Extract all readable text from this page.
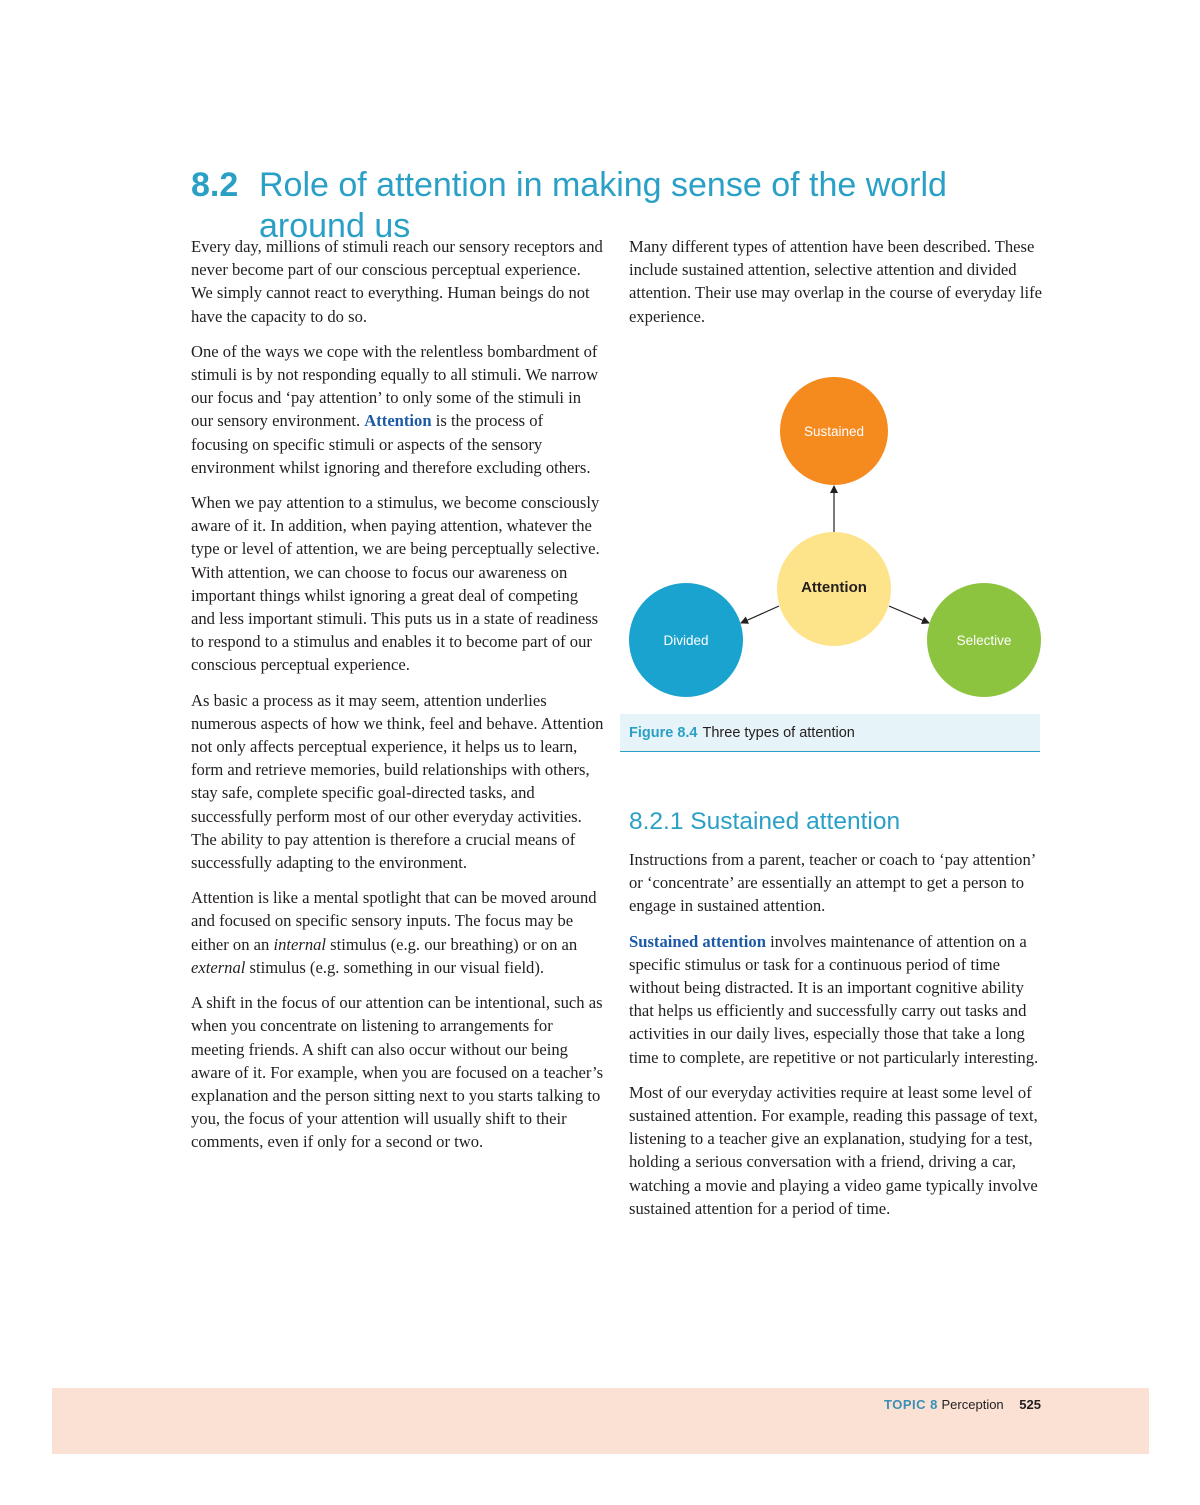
8.2 Role of attention in making sense of the world around us

Every day, millions of stimuli reach our sensory receptors and never become part of our conscious perceptual experience. We simply cannot react to everything. Human beings do not have the capacity to do so.

One of the ways we cope with the relentless bombardment of stimuli is by not responding equally to all stimuli. We narrow our focus and ‘pay attention’ to only some of the stimuli in our sensory environment. Attention is the process of focusing on specific stimuli or aspects of the sensory environment whilst ignoring and therefore excluding others.

When we pay attention to a stimulus, we become consciously aware of it. In addition, when paying attention, whatever the type or level of attention, we are being perceptually selective. With attention, we can choose to focus our awareness on important things whilst ignoring a great deal of competing and less important stimuli. This puts us in a state of readiness to respond to a stimulus and enables it to become part of our conscious perceptual experience.

As basic a process as it may seem, attention underlies numerous aspects of how we think, feel and behave. Attention not only affects perceptual experience, it helps us to learn, form and retrieve memories, build relationships with others, stay safe, complete specific goal-directed tasks, and successfully perform most of our other everyday activities. The ability to pay attention is therefore a crucial means of successfully adapting to the environment.

Attention is like a mental spotlight that can be moved around and focused on specific sensory inputs. The focus may be either on an internal stimulus (e.g. our breathing) or on an external stimulus (e.g. something in our visual field).

A shift in the focus of our attention can be intentional, such as when you concentrate on listening to arrangements for meeting friends. A shift can also occur without our being aware of it. For example, when you are focused on a teacher’s explanation and the person sitting next to you starts talking to you, the focus of your attention will usually shift to their comments, even if only for a second or two.

Many different types of attention have been described. These include sustained attention, selective attention and divided attention. Their use may overlap in the course of everyday life experience.

Sustained
Attention
Divided	Selective
Figure 8.4 Three types of attention
8.2.1 Sustained attention

Instructions from a parent, teacher or coach to ‘pay attention’ or ‘concentrate’ are essentially an attempt to get a person to engage in sustained attention.

Sustained attention involves maintenance of attention on a specific stimulus or task for a continuous period of time without being distracted. It is an important cognitive ability that helps us efficiently and successfully carry out tasks and activities in our daily lives, especially those that take a long time to complete, are repetitive or not particularly interesting.

Most of our everyday activities require at least some level of sustained attention. For example, reading this passage of text, listening to a teacher give an explanation, studying for a test, holding a serious conversation with a friend, driving a car, watching a movie and playing a video game typically involve sustained attention for a period of time.

TOPIC 8 Perception 525
